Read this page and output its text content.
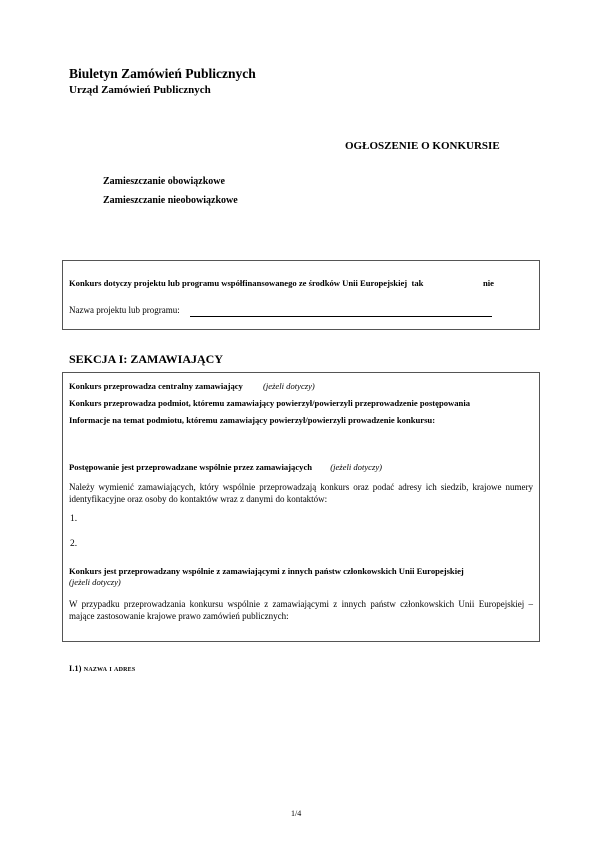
Biuletyn Zamówień Publicznych
Urząd Zamówień Publicznych
OGŁOSZENIE O KONKURSIE
Zamieszczanie obowiązkowe
Zamieszczanie nieobowiązkowe
Konkurs dotyczy projektu lub programu współfinansowanego ze środków Unii Europejskiej tak	nie
Nazwa projektu lub programu:
SEKCJA I: ZAMAWIAJĄCY
Konkurs przeprowadza centralny zamawiający (jeżeli dotyczy)
Konkurs przeprowadza podmiot, któremu zamawiający powierzył/powierzyli przeprowadzenie postępowania
Informacje na temat podmiotu, któremu zamawiający powierzył/powierzyli prowadzenie konkursu:
Postępowanie jest przeprowadzane wspólnie przez zamawiających (jeżeli dotyczy)
Należy wymienić zamawiających, który wspólnie przeprowadzają konkurs oraz podać adresy ich siedzib, krajowe numery identyfikacyjne oraz osoby do kontaktów wraz z danymi do kontaktów:
1.
2.
Konkurs jest przeprowadzany wspólnie z zamawiającymi z innych państw członkowskich Unii Europejskiej
(jeżeli dotyczy)
W przypadku przeprowadzania konkursu wspólnie z zamawiającymi z innych państw członkowskich Unii Europejskiej – mające zastosowanie krajowe prawo zamówień publicznych:
I.1) nazwa i adres
1/4
